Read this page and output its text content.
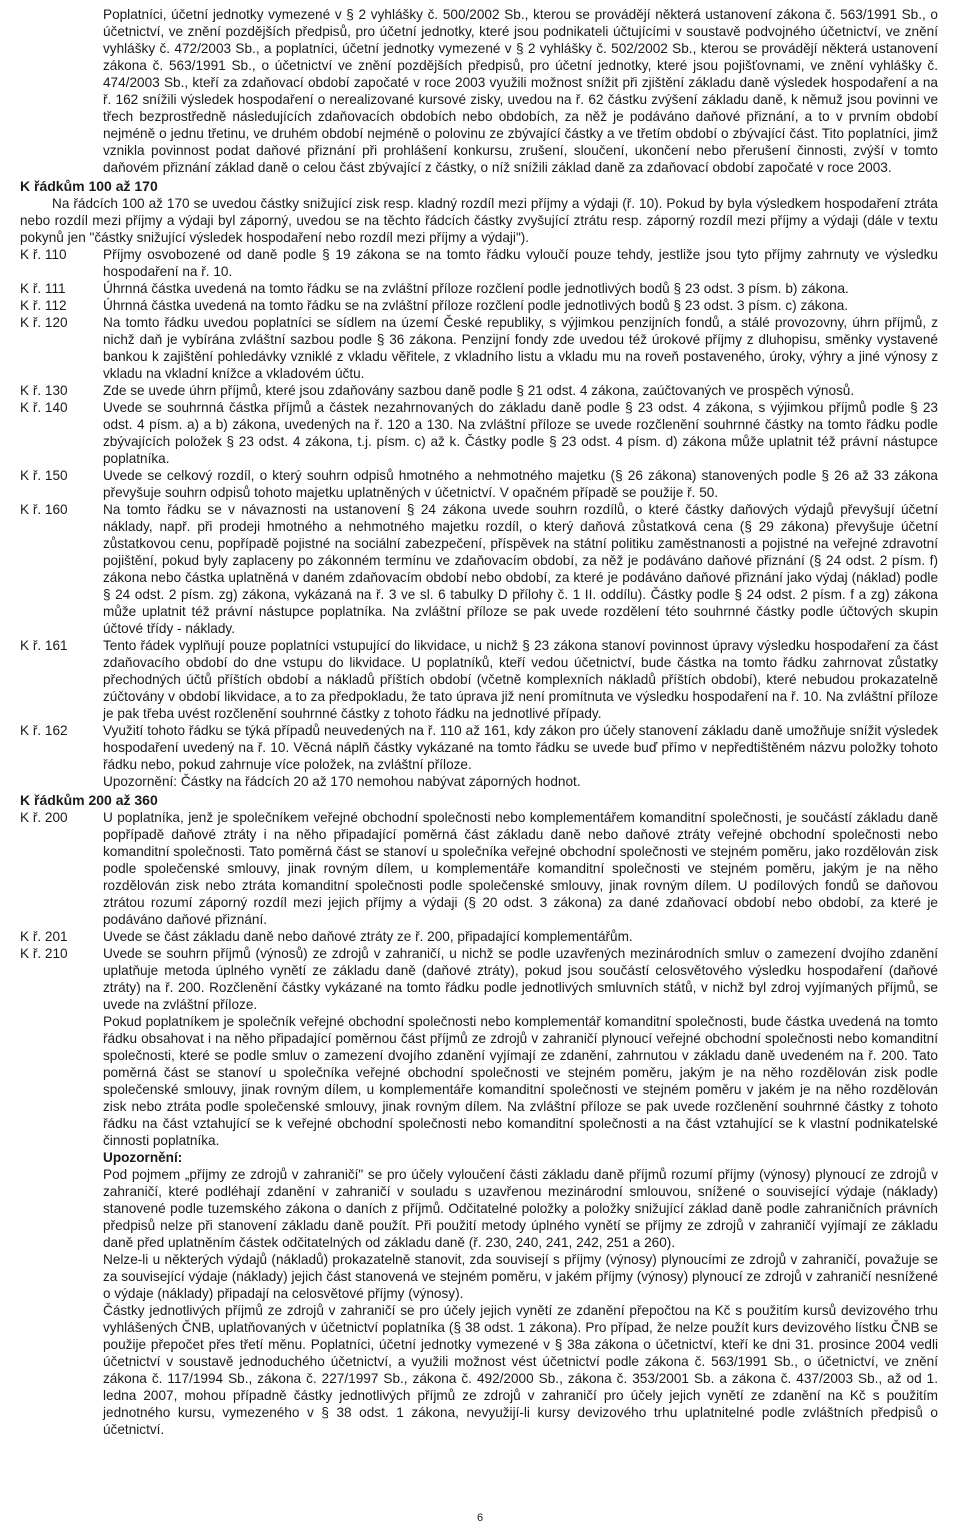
Poplatníci, účetní jednotky vymezené v § 2 vyhlášky č. 500/2002 Sb., kterou se provádějí některá ustanovení zákona č. 563/1991 Sb., o účetnictví, ve znění pozdějších předpisů, pro účetní jednotky, které jsou podnikateli účtujícími v soustavě podvojného účetnictví, ve znění vyhlášky č. 472/2003 Sb., a poplatníci, účetní jednotky vymezené v § 2 vyhlášky č. 502/2002 Sb., kterou se provádějí některá ustanovení zákona č. 563/1991 Sb., o účetnictví ve znění pozdějších předpisů, pro účetní jednotky, které jsou pojišťovnami, ve znění vyhlášky č. 474/2003 Sb., kteří za zdaňovací období započaté v roce 2003 využili možnost snížit při zjištění základu daně výsledek hospodaření a na ř. 162 snížili výsledek hospodaření o nerealizované kursové zisky, uvedou na ř. 62 částku zvýšení základu daně, k němuž jsou povinni ve třech bezprostředně následujících zdaňovacích obdobích nebo obdobích, za něž je podáváno daňové přiznání, a to v prvním období nejméně o jednu třetinu, ve druhém období nejméně o polovinu ze zbývající částky a ve třetím období o zbývající část. Tito poplatníci, jimž vznikla povinnost podat daňové přiznání při prohlášení konkursu, zrušení, sloučení, ukončení nebo přerušení činnosti, zvýší v tomto daňovém přiznání základ daně o celou část zbývající z částky, o níž snížili základ daně za zdaňovací období započaté v roce 2003.
K řádkům 100 až 170
Na řádcích 100 až 170 se uvedou částky snižující zisk resp. kladný rozdíl mezi příjmy a výdaji (ř. 10). Pokud by byla výsledkem hospodaření ztráta nebo rozdíl mezi příjmy a výdaji byl záporný, uvedou se na těchto řádcích částky zvyšující ztrátu resp. záporný rozdíl mezi příjmy a výdaji (dále v textu pokynů jen "částky snižující výsledek hospodaření nebo rozdíl mezi příjmy a výdaji").
K ř. 110	Příjmy osvobozené od daně podle § 19 zákona se na tomto řádku vyloučí pouze tehdy, jestliže jsou tyto příjmy zahrnuty ve výsledku hospodaření na ř. 10.
K ř. 111	Úhrnná částka uvedená na tomto řádku se na zvláštní příloze rozčlení podle jednotlivých bodů § 23 odst. 3 písm. b) zákona.
K ř. 112	Úhrnná částka uvedená na tomto řádku se na zvláštní příloze rozčlení podle jednotlivých bodů § 23 odst. 3 písm. c) zákona.
K ř. 120	Na tomto řádku uvedou poplatníci se sídlem na území České republiky, s výjimkou penzijních fondů, a stálé provozovny, úhrn příjmů, z nichž daň je vybírána zvláštní sazbou podle § 36 zákona. Penzijní fondy zde uvedou též úrokové příjmy z dluhopisu, směnky vystavené bankou k zajištění pohledávky vzniklé z vkladu věřitele, z vkladního listu a vkladu mu na roveň postaveného, úroky, výhry a jiné výnosy z vkladu na vkladní knížce a vkladovém účtu.
K ř. 130	Zde se uvede úhrn příjmů, které jsou zdaňovány sazbou daně podle § 21 odst. 4 zákona, zaúčtovaných ve prospěch výnosů.
K ř. 140	Uvede se souhrnná částka příjmů a částek nezahrnovaných do základu daně podle § 23 odst. 4 zákona, s výjimkou příjmů podle § 23 odst. 4 písm. a) a b) zákona, uvedených na ř. 120 a 130. Na zvláštní příloze se uvede rozčlenění souhrnné částky na tomto řádku podle zbývajících položek § 23 odst. 4 zákona, t.j. písm. c) až k. Částky podle § 23 odst. 4 písm. d) zákona může uplatnit též právní nástupce poplatníka.
K ř. 150	Uvede se celkový rozdíl, o který souhrn odpisů hmotného a nehmotného majetku (§ 26 zákona) stanovených podle § 26 až 33 zákona převyšuje souhrn odpisů tohoto majetku uplatněných v účetnictví. V opačném případě se použije ř. 50.
K ř. 160	Na tomto řádku se v návaznosti na ustanovení § 24 zákona uvede souhrn rozdílů, o které částky daňových výdajů převyšují účetní náklady, např. při prodeji hmotného a nehmotného majetku rozdíl, o který daňová zůstatková cena (§ 29 zákona) převyšuje účetní zůstatkovou cenu, popřípadě pojistné na sociální zabezpečení, příspěvek na státní politiku zaměstnanosti a pojistné na veřejné zdravotní pojištění, pokud byly zaplaceny po zákonném termínu ve zdaňovacím období, za něž je podáváno daňové přiznání (§ 24 odst. 2 písm. f) zákona nebo částka uplatněná v daném zdaňovacím období nebo období, za které je podáváno daňové přiznání jako výdaj (náklad) podle § 24 odst. 2 písm. zg) zákona, vykázaná na ř. 3 ve sl. 6 tabulky D přílohy č. 1 II. oddílu). Částky podle § 24 odst. 2 písm. f a zg) zákona může uplatnit též právní nástupce poplatníka. Na zvláštní příloze se pak uvede rozdělení této souhrnné částky podle účtových skupin účtové třídy - náklady.
K ř. 161	Tento řádek vyplňují pouze poplatníci vstupující do likvidace, u nichž § 23 zákona stanoví povinnost úpravy výsledku hospodaření za část zdaňovacího období do dne vstupu do likvidace. U poplatníků, kteří vedou účetnictví, bude částka na tomto řádku zahrnovat zůstatky přechodných účtů příštích období a nákladů příštích období (včetně komplexních nákladů příštích období), které nebudou prokazatelně zúčtovány v období likvidace, a to za předpokladu, že tato úprava již není promítnuta ve výsledku hospodaření na ř. 10. Na zvláštní příloze je pak třeba uvést rozčlenění souhrnné částky z tohoto řádku na jednotlivé případy.
K ř. 162	Využití tohoto řádku se týká případů neuvedených na ř. 110 až 161, kdy zákon pro účely stanovení základu daně umožňuje snížit výsledek hospodaření uvedený na ř. 10. Věcná náplň částky vykázané na tomto řádku se uvede buď přímo v nepředtištěném názvu položky tohoto řádku nebo, pokud zahrnuje více položek, na zvláštní příloze.
Upozornění: Částky na řádcích 20 až 170 nemohou nabývat záporných hodnot.
K řádkům 200 až 360
K ř. 200	U poplatníka, jenž je společníkem veřejné obchodní společnosti nebo komplementářem komanditní společnosti, je součástí základu daně popřípadě daňové ztráty i na něho připadající poměrná část základu daně nebo daňové ztráty veřejné obchodní společnosti nebo komanditní společnosti. Tato poměrná část se stanoví u společníka veřejné obchodní společnosti ve stejném poměru, jako rozdělován zisk podle společenské smlouvy, jinak rovným dílem, u komplementáře komanditní společnosti ve stejném poměru, jakým je na něho rozdělován zisk nebo ztráta komanditní společnosti podle společenské smlouvy, jinak rovným dílem. U podílových fondů se daňovou ztrátou rozumí záporný rozdíl mezi jejich příjmy a výdaji (§ 20 odst. 3 zákona) za dané zdaňovací období nebo období, za které je podáváno daňové přiznání.
K ř. 201	Uvede se část základu daně nebo daňové ztráty ze ř. 200, připadající komplementářům.
K ř. 210	Uvede se souhrn příjmů (výnosů) ze zdrojů v zahraničí, u nichž se podle uzavřených mezinárodních smluv o zamezení dvojího zdanění uplatňuje metoda úplného vynětí ze základu daně (daňové ztráty), pokud jsou součástí celosvětového výsledku hospodaření (daňové ztráty) na ř. 200. Rozčlenění částky vykázané na tomto řádku podle jednotlivých smluvních států, v nichž byl zdroj vyjímaných příjmů, se uvede na zvláštní příloze.
Pokud poplatníkem je společník veřejné obchodní společnosti nebo komplementář komanditní společnosti, bude částka uvedená na tomto řádku obsahovat i na něho připadající poměrnou část příjmů ze zdrojů v zahraničí plynoucí veřejné obchodní společnosti nebo komanditní společnosti, které se podle smluv o zamezení dvojího zdanění vyjímají ze zdanění, zahrnutou v základu daně uvedeném na ř. 200. Tato poměrná část se stanoví u společníka veřejné obchodní společnosti ve stejném poměru, jakým je na něho rozdělován zisk podle společenské smlouvy, jinak rovným dílem, u komplementáře komanditní společnosti ve stejném poměru v jakém je na něho rozdělován zisk nebo ztráta podle společenské smlouvy, jinak rovným dílem. Na zvláštní příloze se pak uvede rozčlenění souhrnné částky z tohoto řádku na část vztahující se k veřejné obchodní společnosti nebo komanditní společnosti a na část vztahující se k vlastní podnikatelské činnosti poplatníka.
Upozornění:
Pod pojmem „příjmy ze zdrojů v zahraničí" se pro účely vyloučení části základu daně příjmů rozumí příjmy (výnosy) plynoucí ze zdrojů v zahraničí, které podléhají zdanění v zahraničí v souladu s uzavřenou mezinárodní smlouvou, snížené o související výdaje (náklady) stanovené podle tuzemského zákona o daních z příjmů. Odčitatelné položky a položky snižující základ daně podle zahraničních právních předpisů nelze při stanovení základu daně použít. Při použití metody úplného vynětí se příjmy ze zdrojů v zahraničí vyjímají ze základu daně před uplatněním částek odčitatelných od základu daně (ř. 230, 240, 241, 242, 251 a 260).
Nelze-li u některých výdajů (nákladů) prokazatelně stanovit, zda souvisejí s příjmy (výnosy) plynoucími ze zdrojů v zahraničí, považuje se za související výdaje (náklady) jejich část stanovená ve stejném poměru, v jakém příjmy (výnosy) plynoucí ze zdrojů v zahraničí nesnížené o výdaje (náklady) připadají na celosvětové příjmy (výnosy).
Částky jednotlivých příjmů ze zdrojů v zahraničí se pro účely jejich vynětí ze zdanění přepočtou na Kč s použitím kursů devizového trhu vyhlášených ČNB, uplatňovaných v účetnictví poplatníka (§ 38 odst. 1 zákona). Pro případ, že nelze použít kurs devizového lístku ČNB se použije přepočet přes třetí měnu. Poplatníci, účetní jednotky vymezené v § 38a zákona o účetnictví, kteří ke dni 31. prosince 2004 vedli účetnictví v soustavě jednoduchého účetnictví, a využili možnost vést účetnictví podle zákona č. 563/1991 Sb., o účetnictví, ve znění zákona č. 117/1994 Sb., zákona č. 227/1997 Sb., zákona č. 492/2000 Sb., zákona č. 353/2001 Sb. a zákona č. 437/2003 Sb., až od 1. ledna 2007, mohou případně částky jednotlivých příjmů ze zdrojů v zahraničí pro účely jejich vynětí ze zdanění na Kč s použitím jednotného kursu, vymezeného v § 38 odst. 1 zákona, nevyužijí-li kursy devizového trhu uplatnitelné podle zvláštních předpisů o účetnictví.
6
